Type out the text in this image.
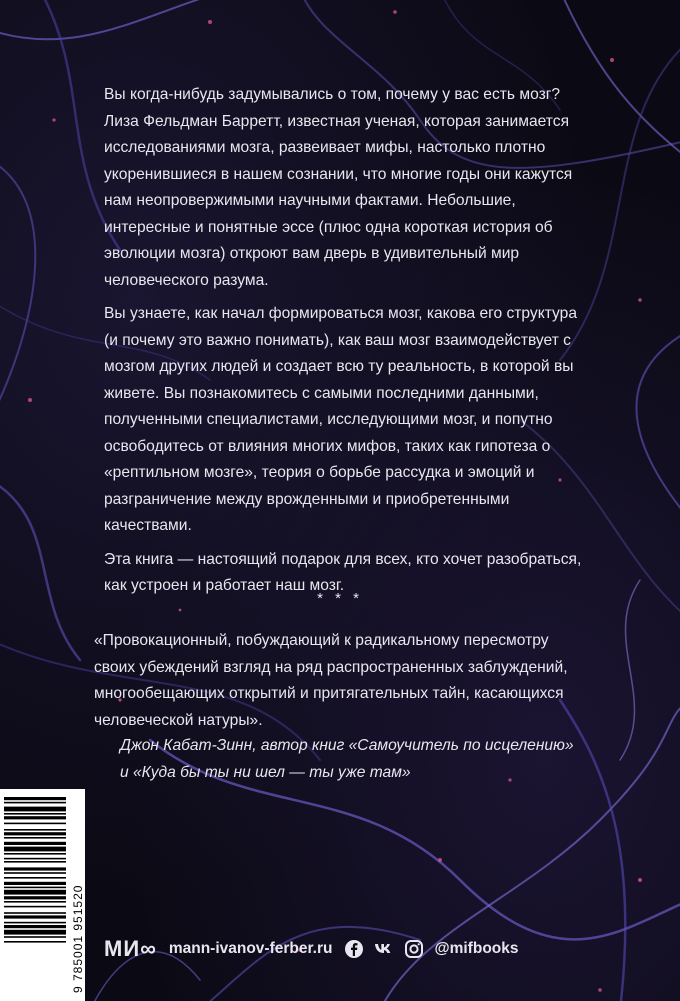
Вы когда-нибудь задумывались о том, почему у вас есть мозг? Лиза Фельдман Барретт, известная ученая, которая занимается исследованиями мозга, развеивает мифы, настолько плотно укоренившиеся в нашем сознании, что многие годы они кажутся нам неопровержимыми научными фактами. Небольшие, интересные и понятные эссе (плюс одна короткая история об эволюции мозга) откроют вам дверь в удивительный мир человеческого разума.

Вы узнаете, как начал формироваться мозг, какова его структура (и почему это важно понимать), как ваш мозг взаимодействует с мозгом других людей и создает всю ту реальность, в которой вы живете. Вы познакомитесь с самыми последними данными, полученными специалистами, исследующими мозг, и попутно освободитесь от влияния многих мифов, таких как гипотеза о «рептильном мозге», теория о борьбе рассудка и эмоций и разграничение между врожденными и приобретенными качествами.

Эта книга — настоящий подарок для всех, кто хочет разобраться, как устроен и работает наш мозг.

* * *
«Провокационный, побуждающий к радикальному пересмотру своих убеждений взгляд на ряд распространенных заблуждений, многообещающих открытий и притягательных тайн, касающихся человеческой натуры».
Джон Кабат-Зинн, автор книг «Самоучитель по исцелению»
и «Куда бы ты ни шел — ты уже там»
9 785001 951520 МИ∞ mann-ivanov-ferber.ru	@mifbooks
